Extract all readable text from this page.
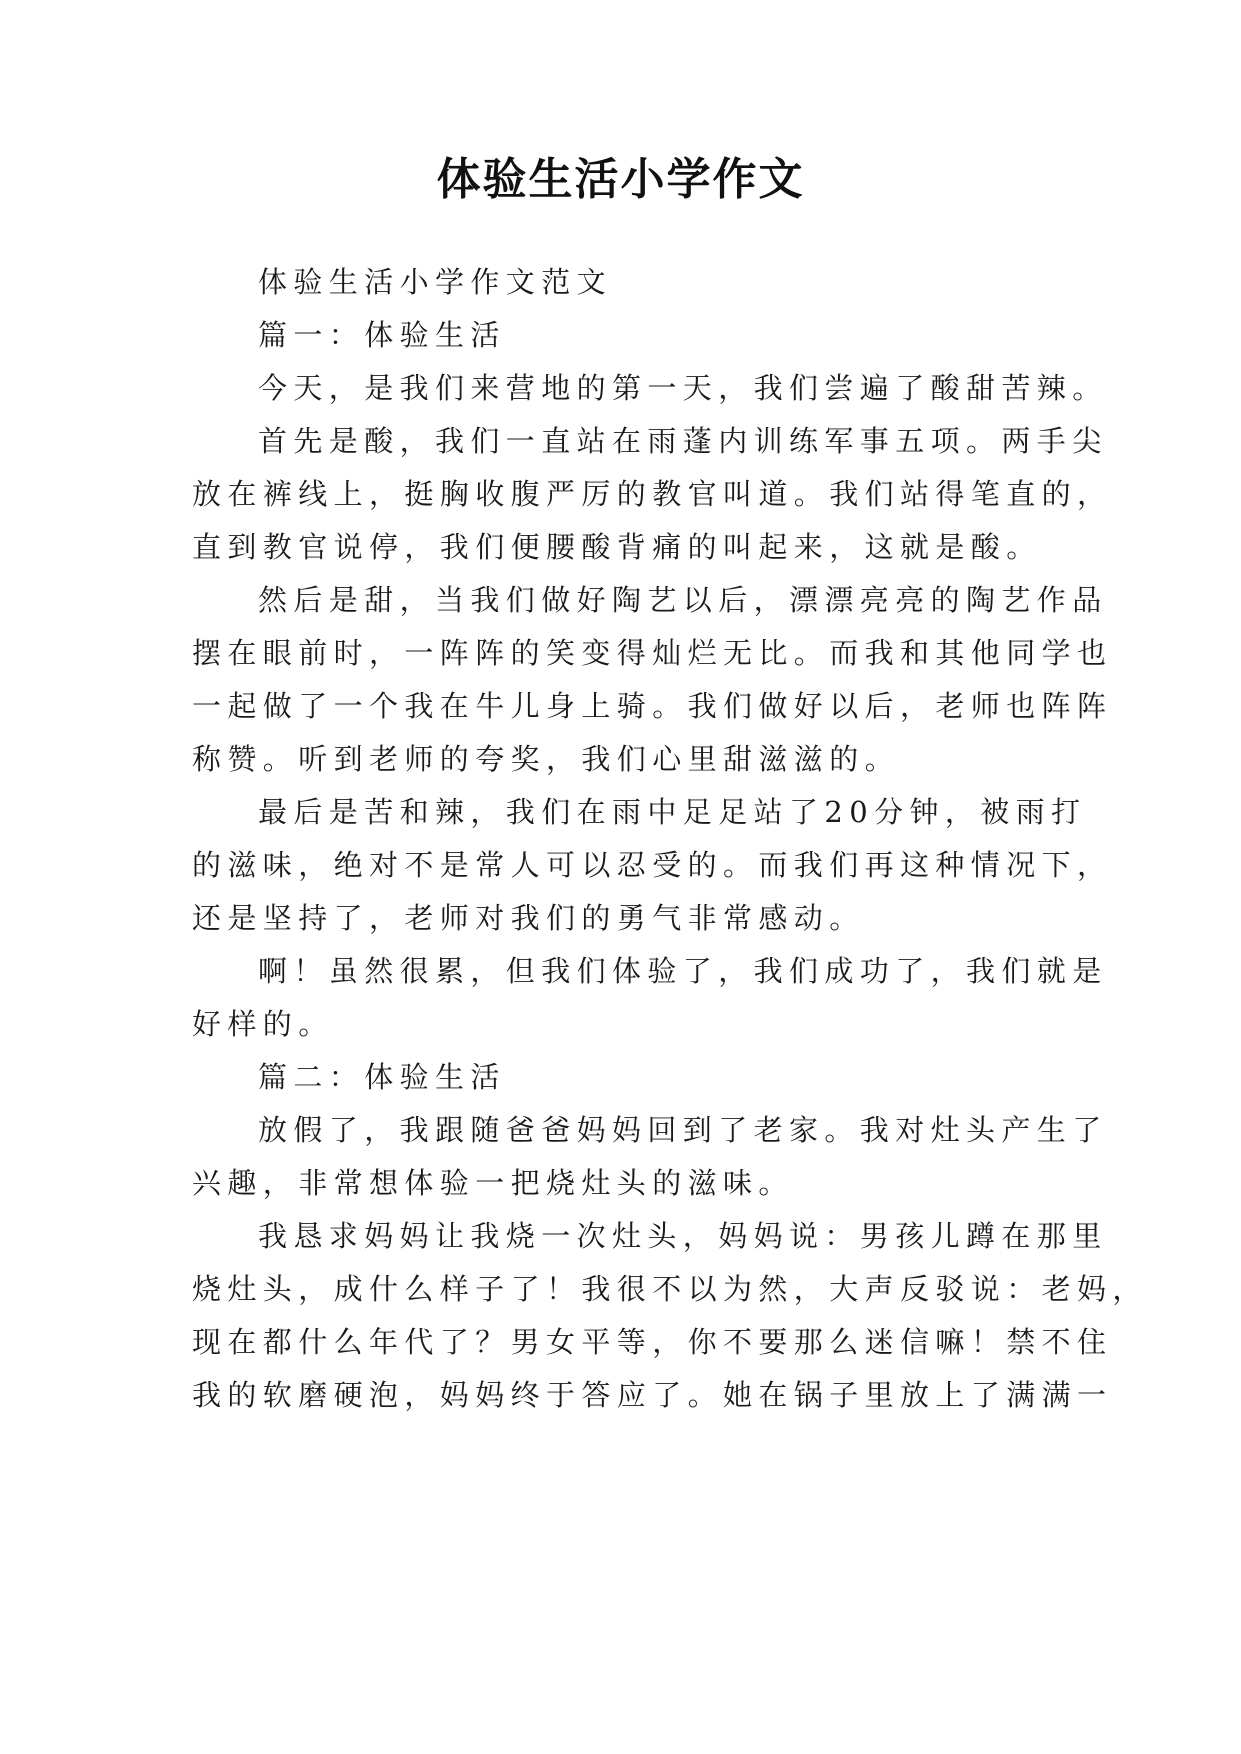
体验生活小学作文
体验生活小学作文范文
篇一：体验生活
今天，是我们来营地的第一天，我们尝遍了酸甜苦辣。
首先是酸，我们一直站在雨蓬内训练军事五项。两手尖
放在裤线上，挺胸收腹严厉的教官叫道。我们站得笔直的，
直到教官说停，我们便腰酸背痛的叫起来，这就是酸。
然后是甜，当我们做好陶艺以后，漂漂亮亮的陶艺作品
摆在眼前时，一阵阵的笑变得灿烂无比。而我和其他同学也
一起做了一个我在牛儿身上骑。我们做好以后，老师也阵阵
称赞。听到老师的夸奖，我们心里甜滋滋的。
最后是苦和辣，我们在雨中足足站了20分钟，被雨打
的滋味，绝对不是常人可以忍受的。而我们再这种情况下，
还是坚持了，老师对我们的勇气非常感动。
啊！虽然很累，但我们体验了，我们成功了，我们就是
好样的。
篇二：体验生活
放假了，我跟随爸爸妈妈回到了老家。我对灶头产生了
兴趣，非常想体验一把烧灶头的滋味。
我恳求妈妈让我烧一次灶头，妈妈说：男孩儿蹲在那里
烧灶头，成什么样子了！我很不以为然，大声反驳说：老妈，
现在都什么年代了？男女平等，你不要那么迷信嘛！禁不住
我的软磨硬泡，妈妈终于答应了。她在锅子里放上了满满一
